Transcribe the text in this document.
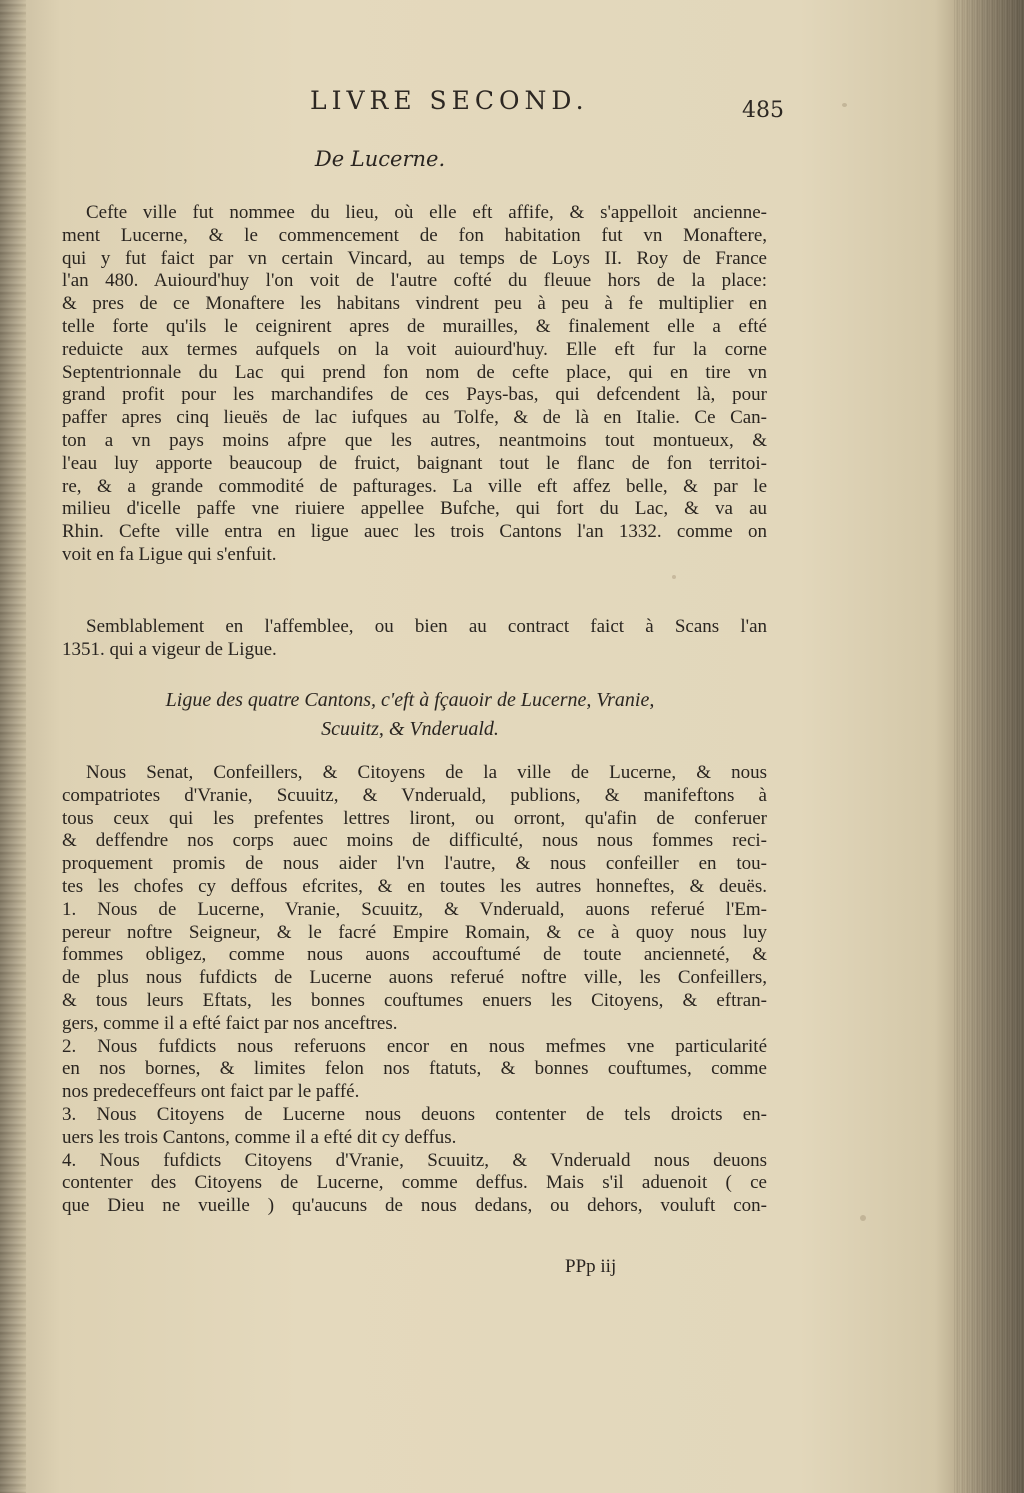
LIVRE SECOND.	485
De Lucerne.
Cefte ville fut nommee du lieu, où elle eft affife, & s'appelloit ancienne-
ment Lucerne, & le commencement de fon habitation fut vn Monaftere,
qui y fut faict par vn certain Vincard, au temps de Loys II. Roy de France
l'an 480. Auiourd'huy l'on voit de l'autre cofté du fleuue hors de la place:
& pres de ce Monaftere les habitans vindrent peu à peu à fe multiplier en
telle forte qu'ils le ceignirent apres de murailles, & finalement elle a efté
reduicte aux termes aufquels on la voit auiourd'huy. Elle eft fur la corne
Septentrionnale du Lac qui prend fon nom de cefte place, qui en tire vn
grand profit pour les marchandifes de ces Pays-bas, qui defcendent là, pour
paffer apres cinq lieuës de lac iufques au Tolfe, & de là en Italie. Ce Can-
ton a vn pays moins afpre que les autres, neantmoins tout montueux, &
l'eau luy apporte beaucoup de fruict, baignant tout le flanc de fon territoi-
re, & a grande commodité de pafturages. La ville eft affez belle, & par le
milieu d'icelle paffe vne riuiere appellee Bufche, qui fort du Lac, & va au
Rhin. Cefte ville entra en ligue auec les trois Cantons l'an 1332. comme on
voit en fa Ligue qui s'enfuit.
Semblablement en l'affemblee, ou bien au contract faict à Scans l'an
1351. qui a vigeur de Ligue.
Ligue des quatre Cantons, c'eft à fçauoir de Lucerne, Vranie,
Scuuitz, & Vnderuald.
Nous Senat, Confeillers, & Citoyens de la ville de Lucerne, & nous
compatriotes d'Vranie, Scuuitz, & Vnderuald, publions, & manifeftons à
tous ceux qui les prefentes lettres liront, ou orront, qu'afin de conferuer
& deffendre nos corps auec moins de difficulté, nous nous fommes reci-
proquement promis de nous aider l'vn l'autre, & nous confeiller en tou-
tes les chofes cy deffous efcrites, & en toutes les autres honneftes, & deuës.
1. Nous de Lucerne, Vranie, Scuuitz, & Vnderuald, auons referué l'Em-
pereur noftre Seigneur, & le facré Empire Romain, & ce à quoy nous luy
fommes obligez, comme nous auons accouftumé de toute ancienneté, &
de plus nous fufdicts de Lucerne auons referué noftre ville, les Confeillers,
& tous leurs Eftats, les bonnes couftumes enuers les Citoyens, & eftran-
gers, comme il a efté faict par nos anceftres.
2. Nous fufdicts nous referuons encor en nous mefmes vne particularité
en nos bornes, & limites felon nos ftatuts, & bonnes couftumes, comme
nos predeceffeurs ont faict par le paffé.
3. Nous Citoyens de Lucerne nous deuons contenter de tels droicts en-
uers les trois Cantons, comme il a efté dit cy deffus.
4. Nous fufdicts Citoyens d'Vranie, Scuuitz, & Vnderuald nous deuons
contenter des Citoyens de Lucerne, comme deffus. Mais s'il aduenoit ( ce
que Dieu ne vueille ) qu'aucuns de nous dedans, ou dehors, vouluft con-
PPp iij
